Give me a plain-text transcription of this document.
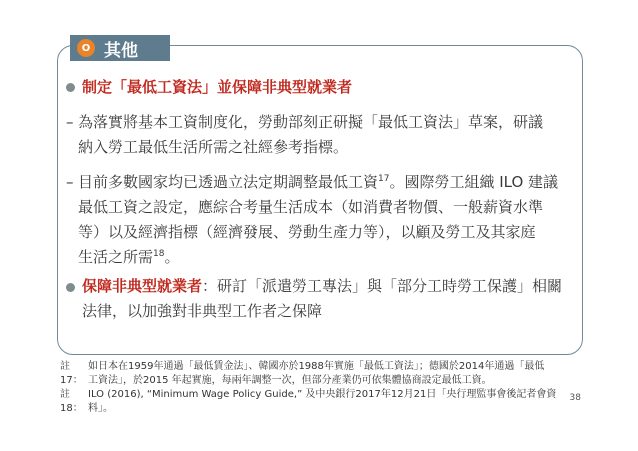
O 其他
制定「最低工資法」並保障非典型就業者
– 為落實將基本工資制度化，勞動部刻正研擬「最低工資法」草案，研議
納入勞工最低生活所需之社經參考指標。
– 目前多數國家均已透過立法定期調整最低工資$^{17}$。國際勞工組織 ILO 建議
最低工資之設定，應綜合考量生活成本（如消費者物價、一般薪資水準
等）以及經濟指標（經濟發展、勞動生產力等），以顧及勞工及其家庭
生活之所需$^{18}$。
保障非典型就業者：研訂「派遣勞工專法」與「部分工時勞工保護」相關
法律，以加強對非典型工作者之保障
註17：
如日本在1959年通過「最低賃金法」、韓國亦於1988年實施「最低工資法」；德國於2014年通過「最低
工資法」，於2015 年起實施，每兩年調整一次，但部分產業仍可依集體協商設定最低工資。
註18：
ILO (2016), “Minimum Wage Policy Guide,” 及中央銀行2017年12月21日「央行理監事會後記者會資
料」。
38
